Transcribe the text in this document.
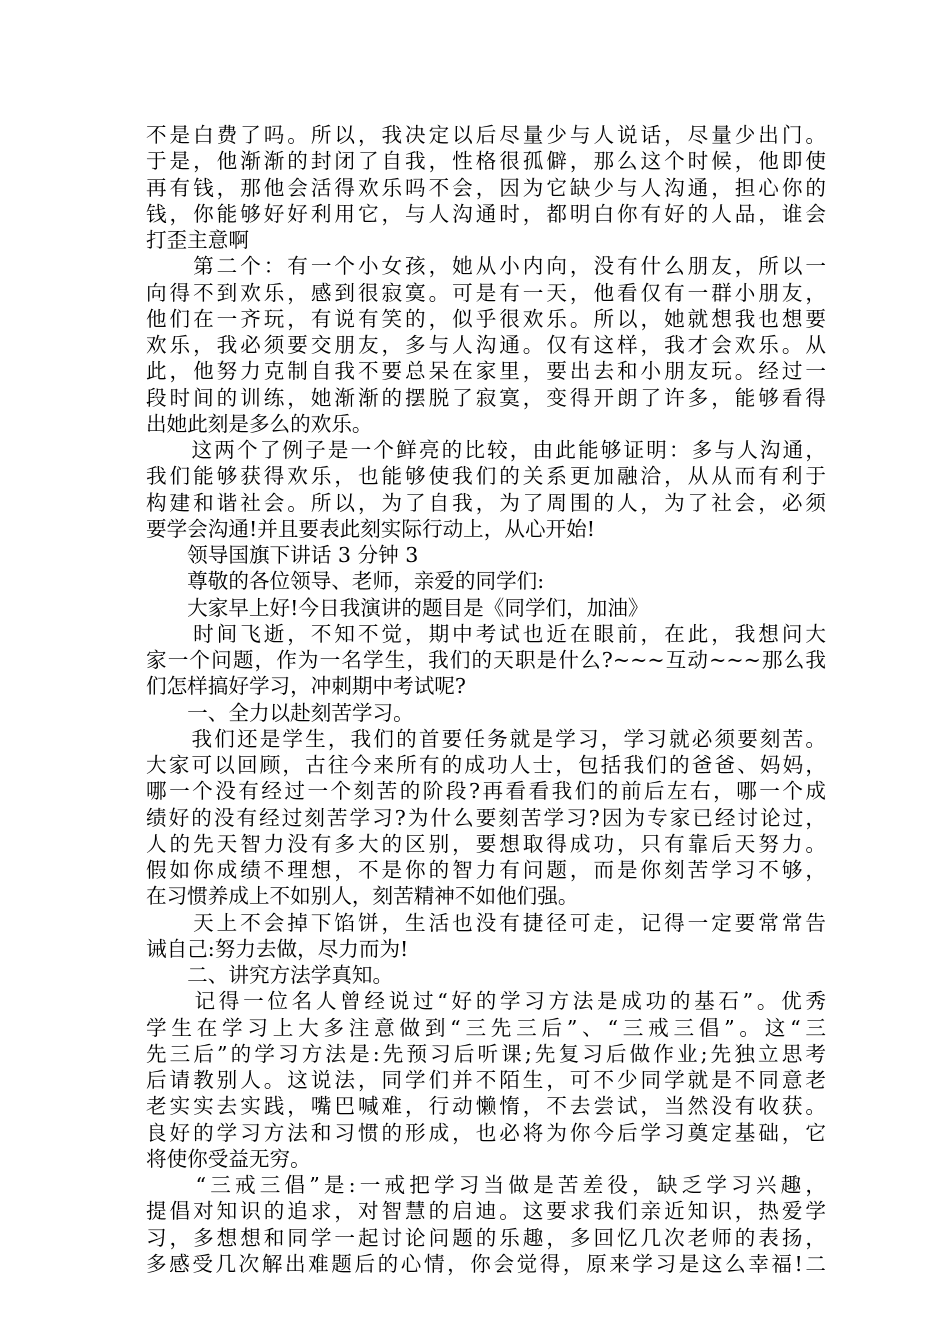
不是白费了吗。所以，我决定以后尽量少与人说话，尽量少出门。
于是，他渐渐的封闭了自我，性格很孤僻，那么这个时候，他即使
再有钱，那他会活得欢乐吗不会，因为它缺少与人沟通，担心你的
钱，你能够好好利用它，与人沟通时，都明白你有好的人品，谁会
打歪主意啊
　　第二个：有一个小女孩，她从小内向，没有什么朋友，所以一
向得不到欢乐，感到很寂寞。可是有一天，他看仅有一群小朋友，
他们在一齐玩，有说有笑的，似乎很欢乐。所以，她就想我也想要
欢乐，我必须要交朋友，多与人沟通。仅有这样，我才会欢乐。从
此，他努力克制自我不要总呆在家里，要出去和小朋友玩。经过一
段时间的训练，她渐渐的摆脱了寂寞，变得开朗了许多，能够看得
出她此刻是多么的欢乐。
　　这两个了例子是一个鲜亮的比较，由此能够证明：多与人沟通，
我们能够获得欢乐，也能够使我们的关系更加融洽，从从而有利于
构建和谐社会。所以，为了自我，为了周围的人，为了社会，必须
要学会沟通!并且要表此刻实际行动上，从心开始!
　　领导国旗下讲话 3 分钟 3
　　尊敬的各位领导、老师，亲爱的同学们:
　　大家早上好!今日我演讲的题目是《同学们，加油》
　　时间飞逝，不知不觉，期中考试也近在眼前，在此，我想问大
家一个问题，作为一名学生，我们的天职是什么?~~~互动~~~那么我
们怎样搞好学习，冲刺期中考试呢?
　　一、全力以赴刻苦学习。
　　我们还是学生，我们的首要任务就是学习，学习就必须要刻苦。
大家可以回顾，古往今来所有的成功人士，包括我们的爸爸、妈妈，
哪一个没有经过一个刻苦的阶段?再看看我们的前后左右，哪一个成
绩好的没有经过刻苦学习?为什么要刻苦学习?因为专家已经讨论过，
人的先天智力没有多大的区别，要想取得成功，只有靠后天努力。
假如你成绩不理想，不是你的智力有问题，而是你刻苦学习不够，
在习惯养成上不如别人，刻苦精神不如他们强。
　　天上不会掉下馅饼，生活也没有捷径可走，记得一定要常常告
诫自己:努力去做，尽力而为!
　　二、讲究方法学真知。
　　记得一位名人曾经说过“好的学习方法是成功的基石”。优秀
学生在学习上大多注意做到“三先三后”、“三戒三倡”。这“三
先三后”的学习方法是:先预习后听课;先复习后做作业;先独立思考
后请教别人。这说法，同学们并不陌生，可不少同学就是不同意老
老实实去实践，嘴巴喊难，行动懒惰，不去尝试，当然没有收获。
良好的学习方法和习惯的形成，也必将为你今后学习奠定基础，它
将使你受益无穷。
　　“三戒三倡”是:一戒把学习当做是苦差役，缺乏学习兴趣，
提倡对知识的追求，对智慧的启迪。这要求我们亲近知识，热爱学
习，多想想和同学一起讨论问题的乐趣，多回忆几次老师的表扬，
多感受几次解出难题后的心情，你会觉得，原来学习是这么幸福!二
